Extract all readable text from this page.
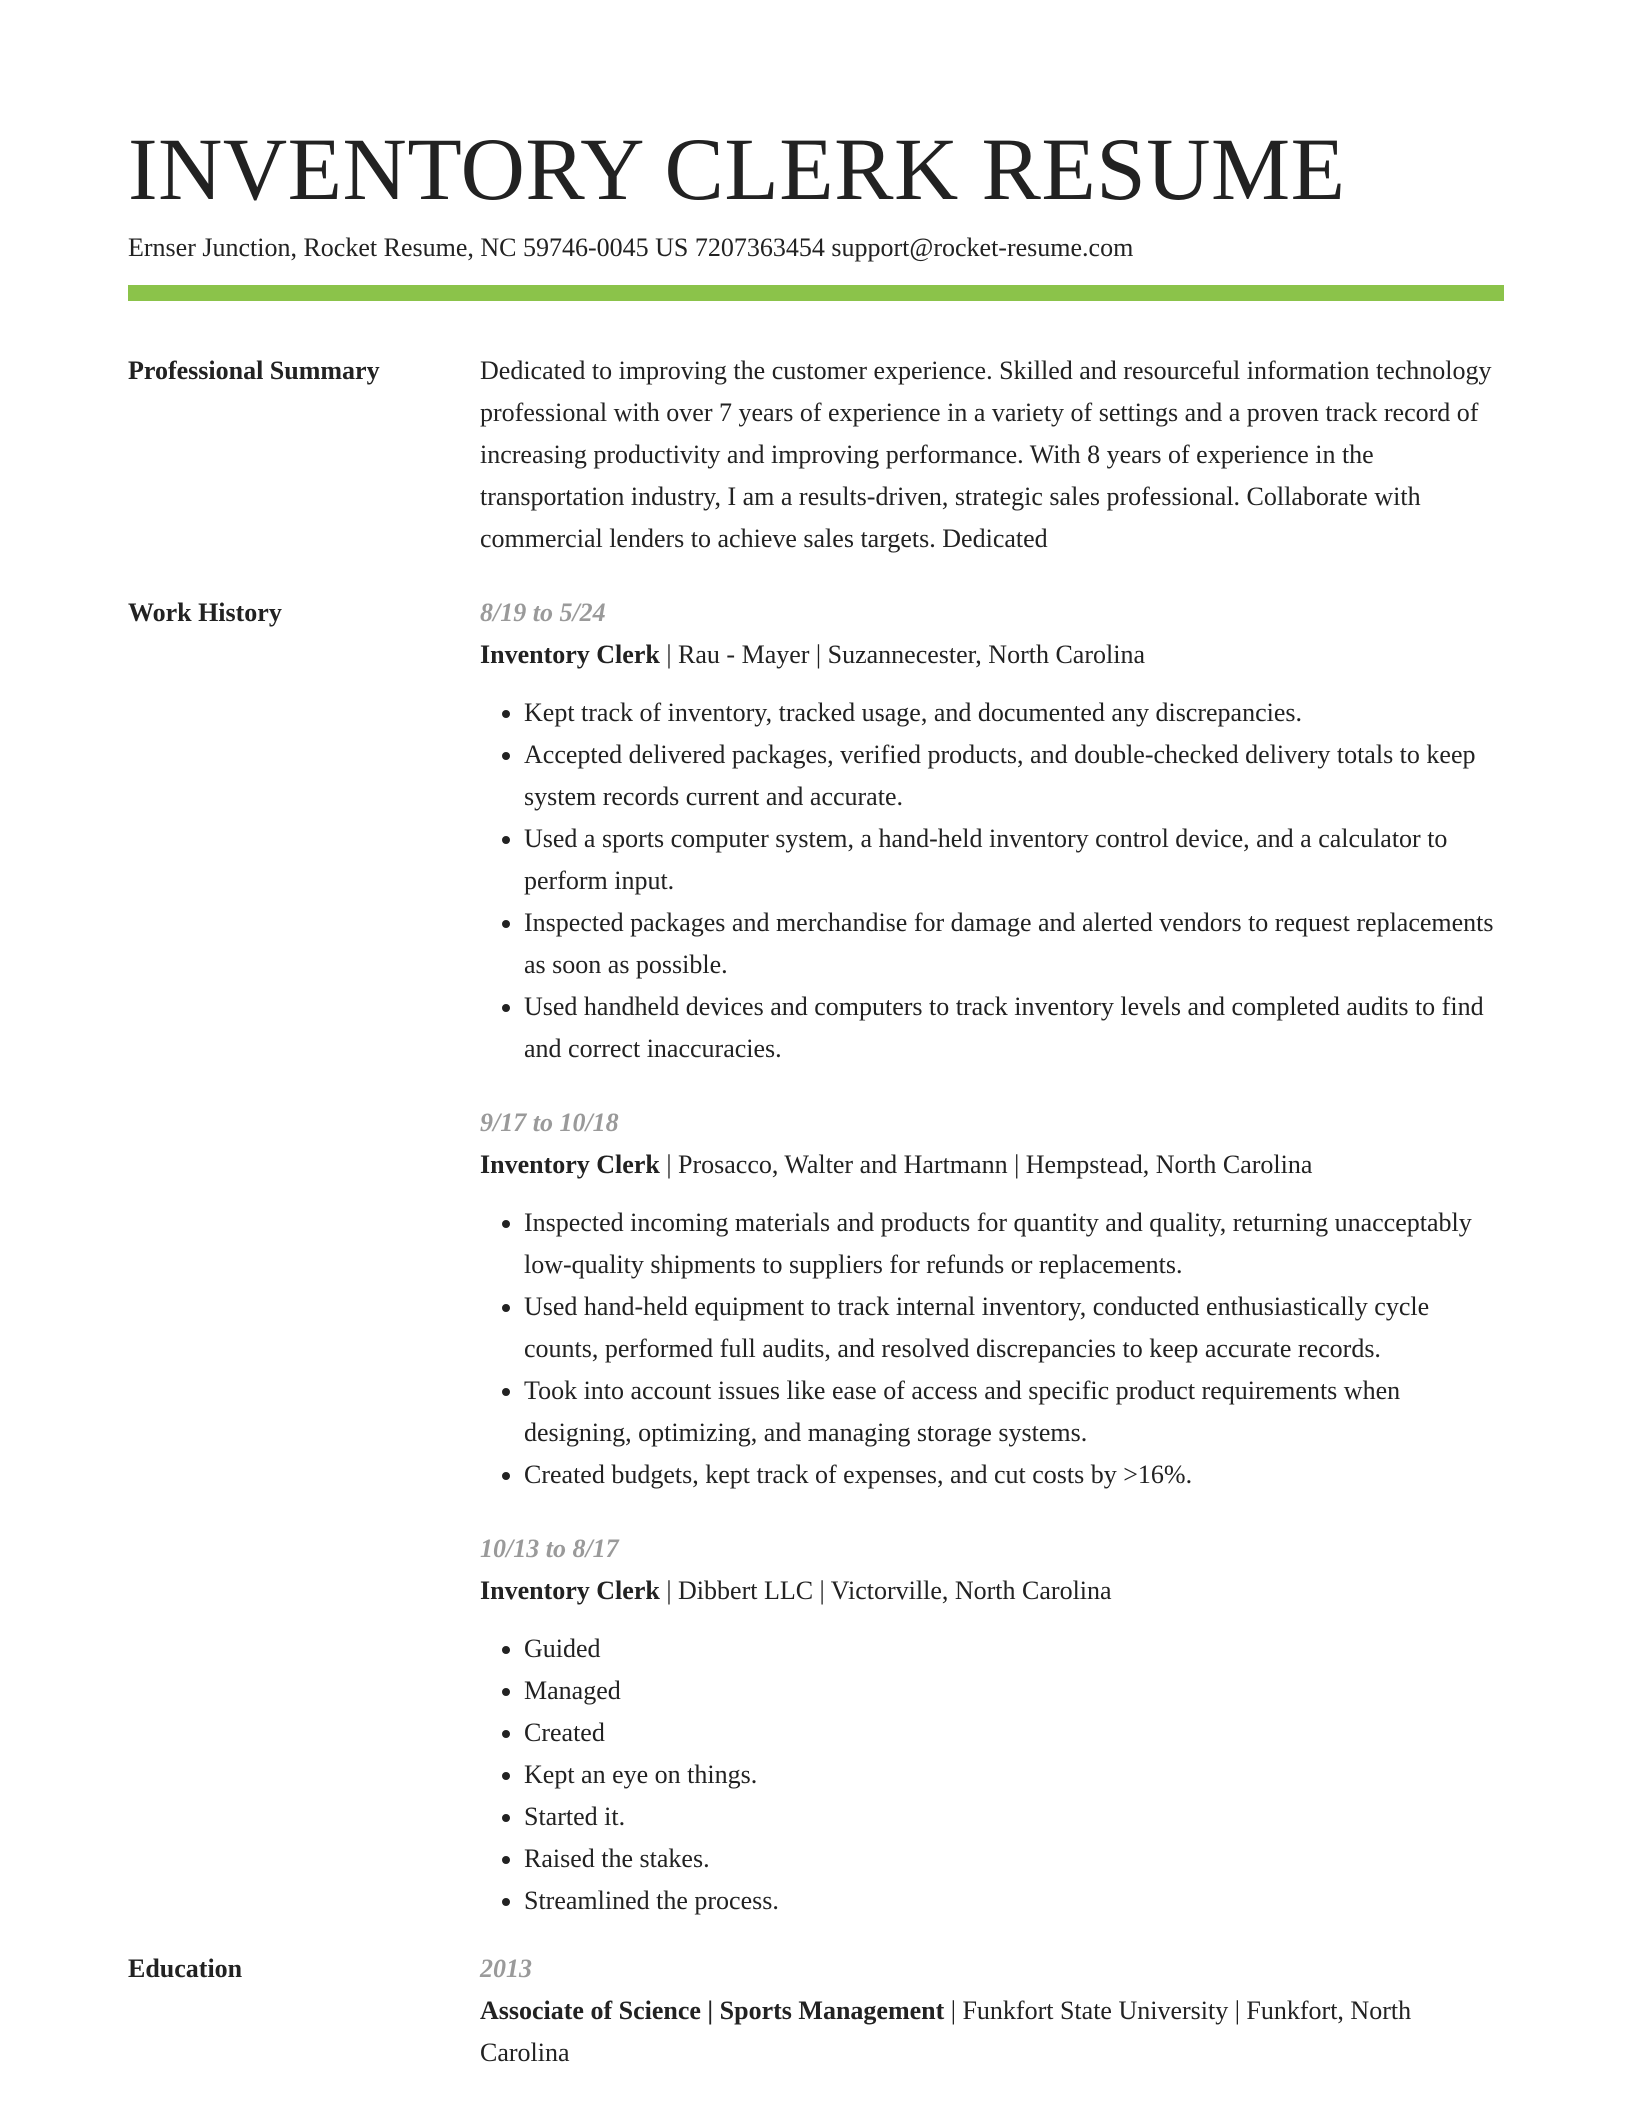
INVENTORY CLERK RESUME
Ernser Junction, Rocket Resume, NC 59746-0045 US 7207363454 support@rocket-resume.com
Professional Summary	Dedicated to improving the customer experience. Skilled and resourceful information technology professional with over 7 years of experience in a variety of settings and a proven track record of increasing productivity and improving performance. With 8 years of experience in the transportation industry, I am a results-driven, strategic sales professional. Collaborate with commercial lenders to achieve sales targets. Dedicated

Work History	8/19 to 5/24
Inventory Clerk | Rau - Mayer | Suzannecester, North Carolina
• Kept track of inventory, tracked usage, and documented any discrepancies.
• Accepted delivered packages, verified products, and double-checked delivery totals to keep system records current and accurate.
• Used a sports computer system, a hand-held inventory control device, and a calculator to perform input.
• Inspected packages and merchandise for damage and alerted vendors to request replacements as soon as possible.
• Used handheld devices and computers to track inventory levels and completed audits to find and correct inaccuracies.
9/17 to 10/18
Inventory Clerk | Prosacco, Walter and Hartmann | Hempstead, North Carolina
• Inspected incoming materials and products for quantity and quality, returning unacceptably low-quality shipments to suppliers for refunds or replacements.
• Used hand-held equipment to track internal inventory, conducted enthusiastically cycle counts, performed full audits, and resolved discrepancies to keep accurate records.
• Took into account issues like ease of access and specific product requirements when designing, optimizing, and managing storage systems.
• Created budgets, kept track of expenses, and cut costs by >16%.
10/13 to 8/17
Inventory Clerk | Dibbert LLC | Victorville, North Carolina
• Guided
• Managed
• Created
• Kept an eye on things.
• Started it.
• Raised the stakes.
• Streamlined the process.
Education	2013
Associate of Science | Sports Management | Funkfort State University | Funkfort, North Carolina
